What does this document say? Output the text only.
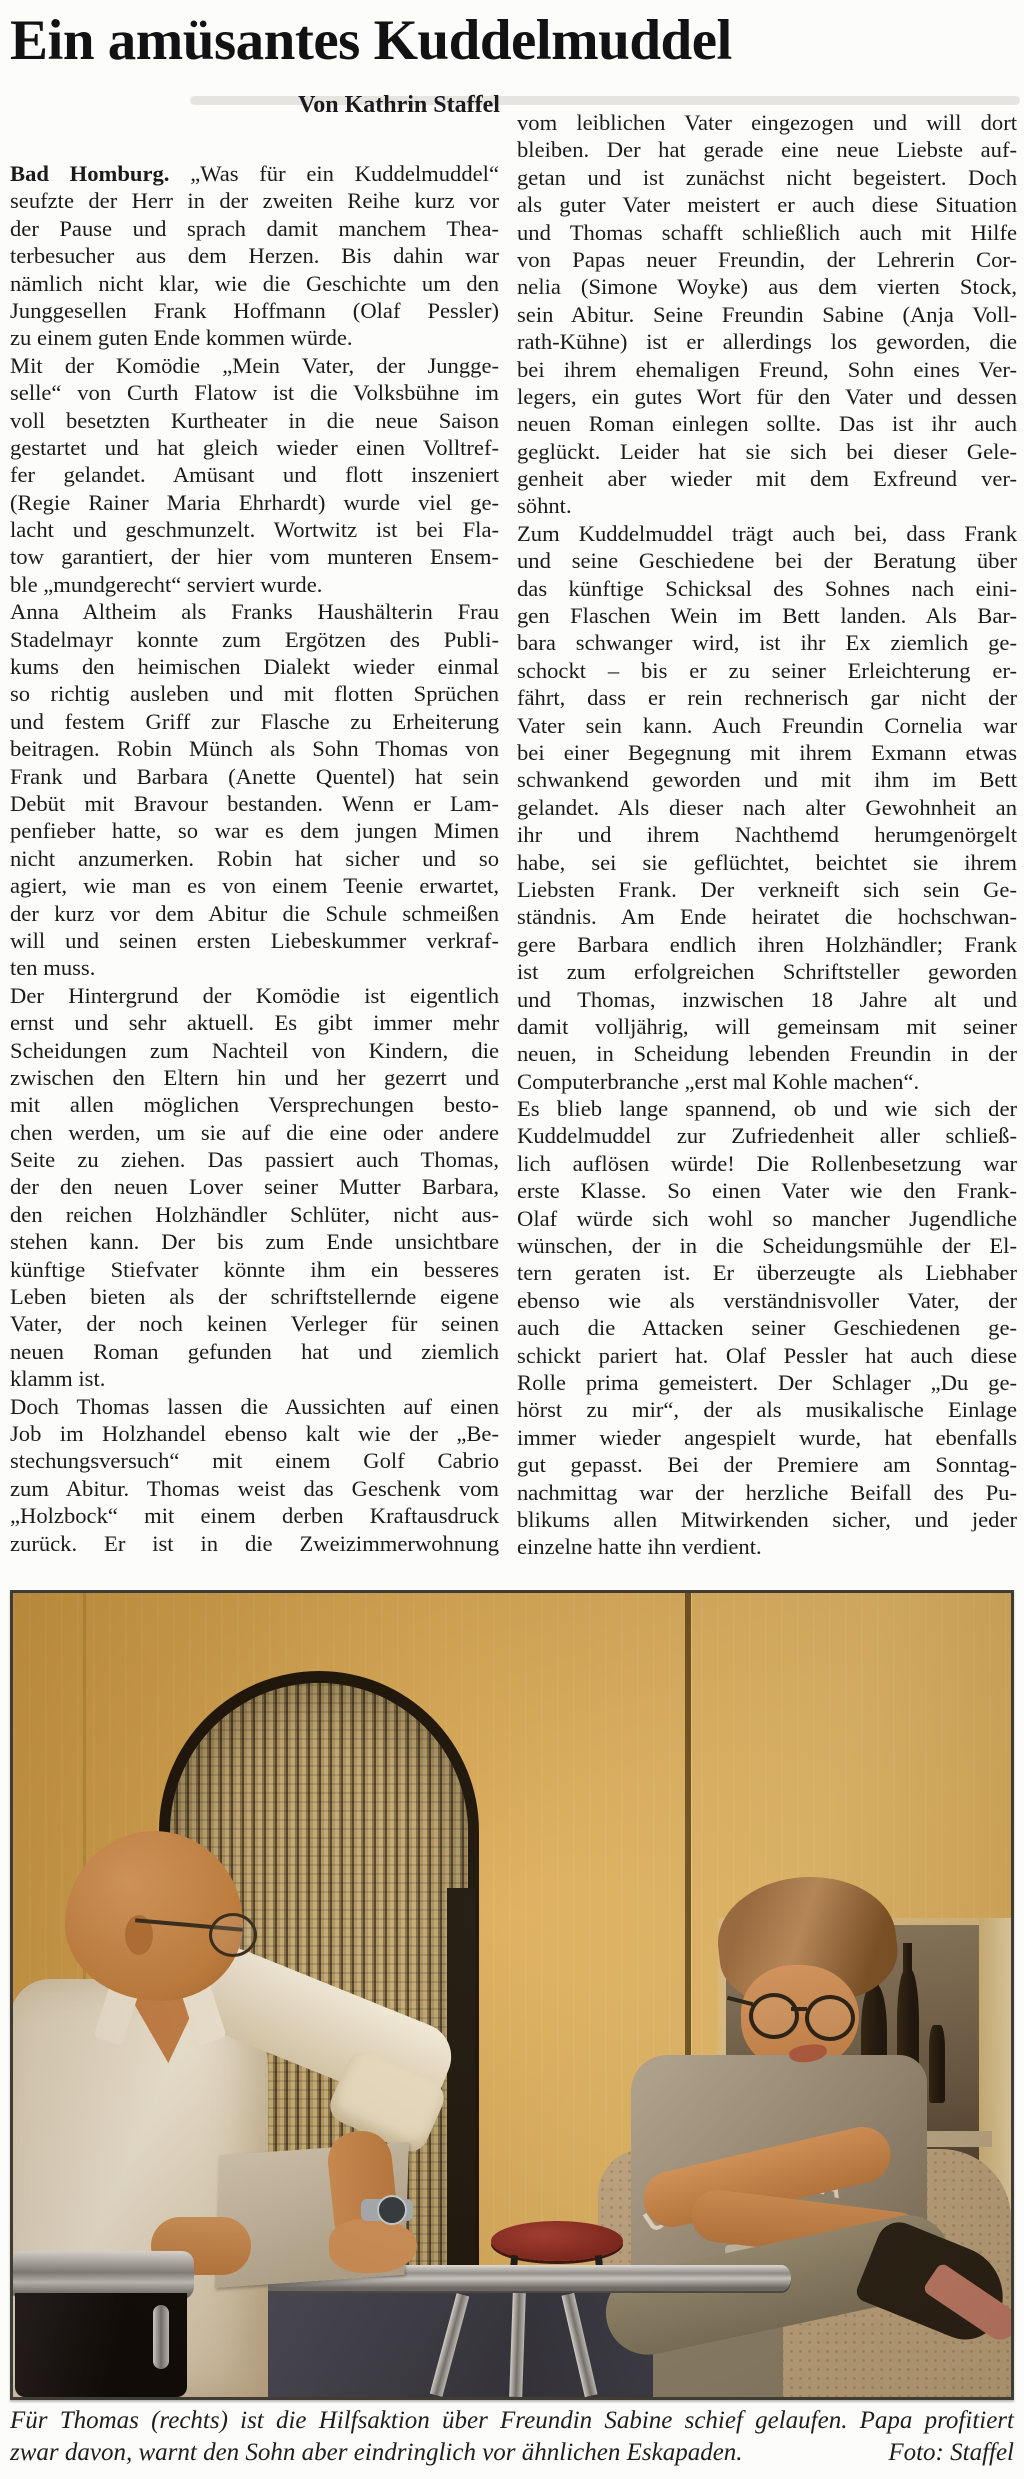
Ein amüsantes Kuddelmuddel
Von Kathrin Staffel
Bad Homburg. „Was für ein Kuddelmuddel“
seufzte der Herr in der zweiten Reihe kurz vor
der Pause und sprach damit manchem Thea-
terbesucher aus dem Herzen. Bis dahin war
nämlich nicht klar, wie die Geschichte um den
Junggesellen Frank Hoffmann (Olaf Pessler)
zu einem guten Ende kommen würde.
Mit der Komödie „Mein Vater, der Jungge-
selle“ von Curth Flatow ist die Volksbühne im
voll besetzten Kurtheater in die neue Saison
gestartet und hat gleich wieder einen Volltref-
fer gelandet. Amüsant und flott inszeniert
(Regie Rainer Maria Ehrhardt) wurde viel ge-
lacht und geschmunzelt. Wortwitz ist bei Fla-
tow garantiert, der hier vom munteren Ensem-
ble „mundgerecht“ serviert wurde.
Anna Altheim als Franks Haushälterin Frau
Stadelmayr konnte zum Ergötzen des Publi-
kums den heimischen Dialekt wieder einmal
so richtig ausleben und mit flotten Sprüchen
und festem Griff zur Flasche zu Erheiterung
beitragen. Robin Münch als Sohn Thomas von
Frank und Barbara (Anette Quentel) hat sein
Debüt mit Bravour bestanden. Wenn er Lam-
penfieber hatte, so war es dem jungen Mimen
nicht anzumerken. Robin hat sicher und so
agiert, wie man es von einem Teenie erwartet,
der kurz vor dem Abitur die Schule schmeißen
will und seinen ersten Liebeskummer verkraf-
ten muss.
Der Hintergrund der Komödie ist eigentlich
ernst und sehr aktuell. Es gibt immer mehr
Scheidungen zum Nachteil von Kindern, die
zwischen den Eltern hin und her gezerrt und
mit allen möglichen Versprechungen besto-
chen werden, um sie auf die eine oder andere
Seite zu ziehen. Das passiert auch Thomas,
der den neuen Lover seiner Mutter Barbara,
den reichen Holzhändler Schlüter, nicht aus-
stehen kann. Der bis zum Ende unsichtbare
künftige Stiefvater könnte ihm ein besseres
Leben bieten als der schriftstellernde eigene
Vater, der noch keinen Verleger für seinen
neuen Roman gefunden hat und ziemlich
klamm ist.
Doch Thomas lassen die Aussichten auf einen
Job im Holzhandel ebenso kalt wie der „Be-
stechungsversuch“ mit einem Golf Cabrio
zum Abitur. Thomas weist das Geschenk vom
„Holzbock“ mit einem derben Kraftausdruck
zurück. Er ist in die Zweizimmerwohnung
vom leiblichen Vater eingezogen und will dort
bleiben. Der hat gerade eine neue Liebste auf-
getan und ist zunächst nicht begeistert. Doch
als guter Vater meistert er auch diese Situation
und Thomas schafft schließlich auch mit Hilfe
von Papas neuer Freundin, der Lehrerin Cor-
nelia (Simone Woyke) aus dem vierten Stock,
sein Abitur. Seine Freundin Sabine (Anja Voll-
rath-Kühne) ist er allerdings los geworden, die
bei ihrem ehemaligen Freund, Sohn eines Ver-
legers, ein gutes Wort für den Vater und dessen
neuen Roman einlegen sollte. Das ist ihr auch
geglückt. Leider hat sie sich bei dieser Gele-
genheit aber wieder mit dem Exfreund ver-
söhnt.
Zum Kuddelmuddel trägt auch bei, dass Frank
und seine Geschiedene bei der Beratung über
das künftige Schicksal des Sohnes nach eini-
gen Flaschen Wein im Bett landen. Als Bar-
bara schwanger wird, ist ihr Ex ziemlich ge-
schockt – bis er zu seiner Erleichterung er-
fährt, dass er rein rechnerisch gar nicht der
Vater sein kann. Auch Freundin Cornelia war
bei einer Begegnung mit ihrem Exmann etwas
schwankend geworden und mit ihm im Bett
gelandet. Als dieser nach alter Gewohnheit an
ihr und ihrem Nachthemd herumgenörgelt
habe, sei sie geflüchtet, beichtet sie ihrem
Liebsten Frank. Der verkneift sich sein Ge-
ständnis. Am Ende heiratet die hochschwan-
gere Barbara endlich ihren Holzhändler; Frank
ist zum erfolgreichen Schriftsteller geworden
und Thomas, inzwischen 18 Jahre alt und
damit volljährig, will gemeinsam mit seiner
neuen, in Scheidung lebenden Freundin in der
Computerbranche „erst mal Kohle machen“.
Es blieb lange spannend, ob und wie sich der
Kuddelmuddel zur Zufriedenheit aller schließ-
lich auflösen würde! Die Rollenbesetzung war
erste Klasse. So einen Vater wie den Frank-
Olaf würde sich wohl so mancher Jugendliche
wünschen, der in die Scheidungsmühle der El-
tern geraten ist. Er überzeugte als Liebhaber
ebenso wie als verständnisvoller Vater, der
auch die Attacken seiner Geschiedenen ge-
schickt pariert hat. Olaf Pessler hat auch diese
Rolle prima gemeistert. Der Schlager „Du ge-
hörst zu mir“, der als musikalische Einlage
immer wieder angespielt wurde, hat ebenfalls
gut gepasst. Bei der Premiere am Sonntag-
nachmittag war der herzliche Beifall des Pu-
blikums allen Mitwirkenden sicher, und jeder
einzelne hatte ihn verdient.
Für Thomas (rechts) ist die Hilfsaktion über Freundin Sabine schief gelaufen. Papa profitiert
zwar davon, warnt den Sohn aber eindringlich vor ähnlichen Eskapaden.	Foto: Staffel
